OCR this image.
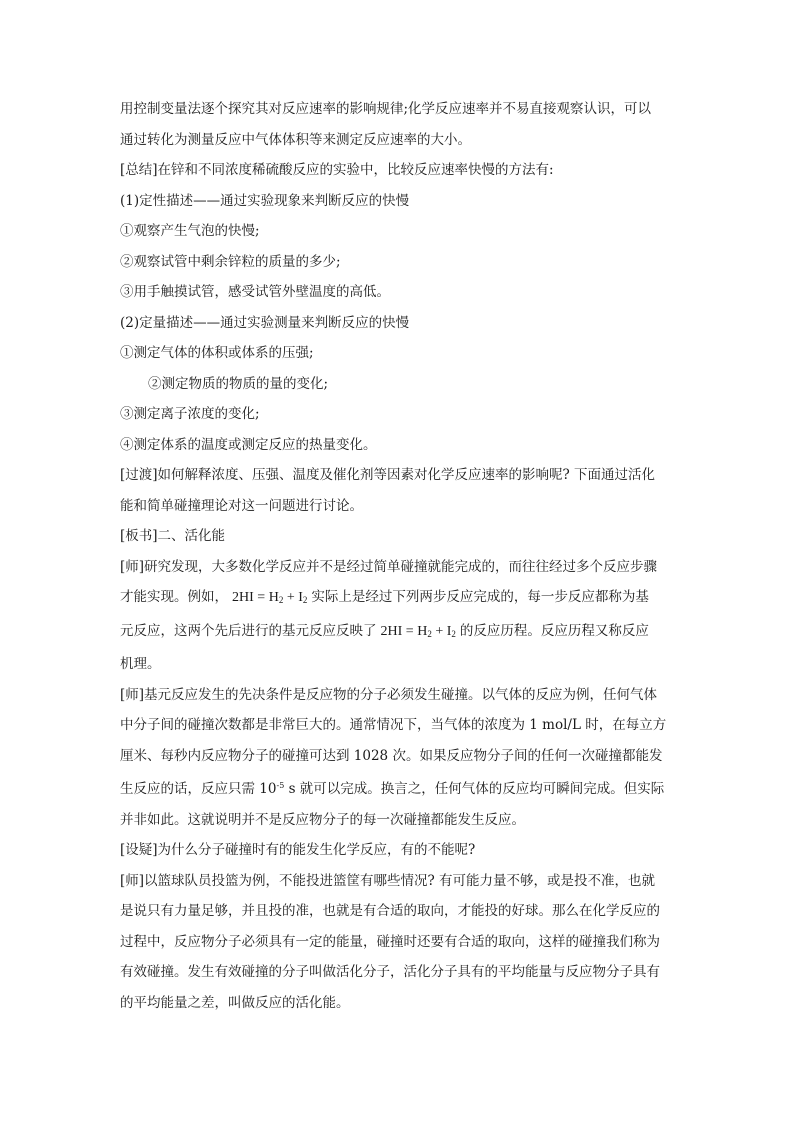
用控制变量法逐个探究其对反应速率的影响规律;化学反应速率并不易直接观察认识，可以
通过转化为测量反应中气体体积等来测定反应速率的大小。
[总结]在锌和不同浓度稀硫酸反应的实验中，比较反应速率快慢的方法有:
(1)定性描述——通过实验现象来判断反应的快慢
①观察产生气泡的快慢;
②观察试管中剩余锌粒的质量的多少;
③用手触摸试管，感受试管外壁温度的高低。
(2)定量描述——通过实验测量来判断反应的快慢
①测定气体的体积或体系的压强;
②测定物质的物质的量的变化;
③测定离子浓度的变化;
④测定体系的温度或测定反应的热量变化。
[过渡]如何解释浓度、压强、温度及催化剂等因素对化学反应速率的影响呢? 下面通过活化
能和简单碰撞理论对这一问题进行讨论。
[板书]二、活化能
[师]研究发现，大多数化学反应并不是经过简单碰撞就能完成的，而往往经过多个反应步骤
才能实现。例如， $2HI = H_2 + I_2$ 实际上是经过下列两步反应完成的，每一步反应都称为基
元反应，这两个先后进行的基元反应反映了 $2HI = H_2 + I_2$ 的反应历程。反应历程又称反应
机理。
[师]基元反应发生的先决条件是反应物的分子必须发生碰撞。以气体的反应为例，任何气体
中分子间的碰撞次数都是非常巨大的。通常情况下，当气体的浓度为 1 mol/L 时，在每立方
厘米、每秒内反应物分子的碰撞可达到 1028 次。如果反应物分子间的任何一次碰撞都能发
生反应的话，反应只需 $10^{-5}$ s 就可以完成。换言之，任何气体的反应均可瞬间完成。但实际
并非如此。这就说明并不是反应物分子的每一次碰撞都能发生反应。
[设疑]为什么分子碰撞时有的能发生化学反应，有的不能呢?
[师]以篮球队员投篮为例，不能投进篮筐有哪些情况? 有可能力量不够，或是投不准，也就
是说只有力量足够，并且投的准，也就是有合适的取向，才能投的好球。那么在化学反应的
过程中，反应物分子必须具有一定的能量，碰撞时还要有合适的取向，这样的碰撞我们称为
有效碰撞。发生有效碰撞的分子叫做活化分子，活化分子具有的平均能量与反应物分子具有
的平均能量之差，叫做反应的活化能。
